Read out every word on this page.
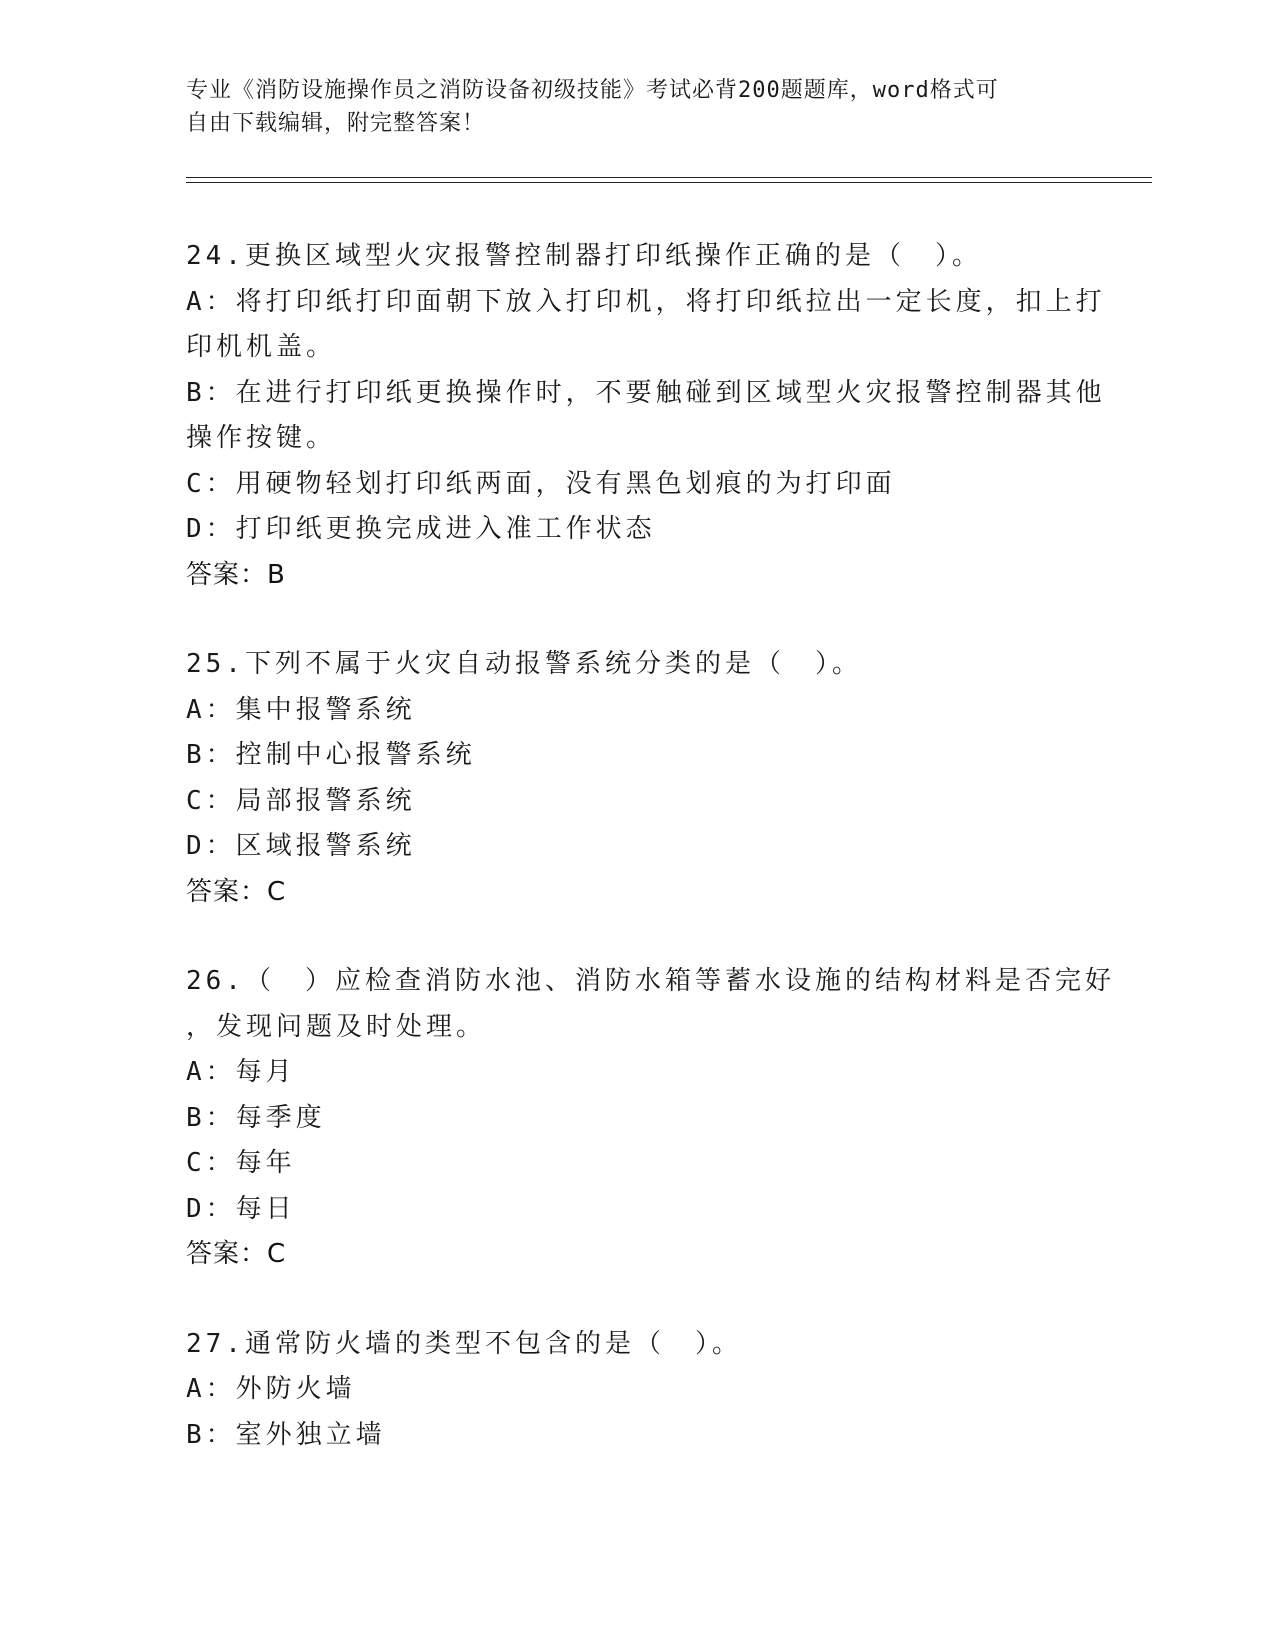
专业《消防设施操作员之消防设备初级技能》考试必背200题题库，word格式可
自由下载编辑，附完整答案！
24.更换区域型火灾报警控制器打印纸操作正确的是（　）。
A：将打印纸打印面朝下放入打印机，将打印纸拉出一定长度，扣上打
印机机盖。
B：在进行打印纸更换操作时，不要触碰到区域型火灾报警控制器其他
操作按键。
C：用硬物轻划打印纸两面，没有黑色划痕的为打印面
D：打印纸更换完成进入准工作状态
答案：B
25.下列不属于火灾自动报警系统分类的是（　）。
A：集中报警系统
B：控制中心报警系统
C：局部报警系统
D：区域报警系统
答案：C
26.（　）应检查消防水池、消防水箱等蓄水设施的结构材料是否完好
，发现问题及时处理。
A：每月
B：每季度
C：每年
D：每日
答案：C
27.通常防火墙的类型不包含的是（　）。
A：外防火墙
B：室外独立墙
